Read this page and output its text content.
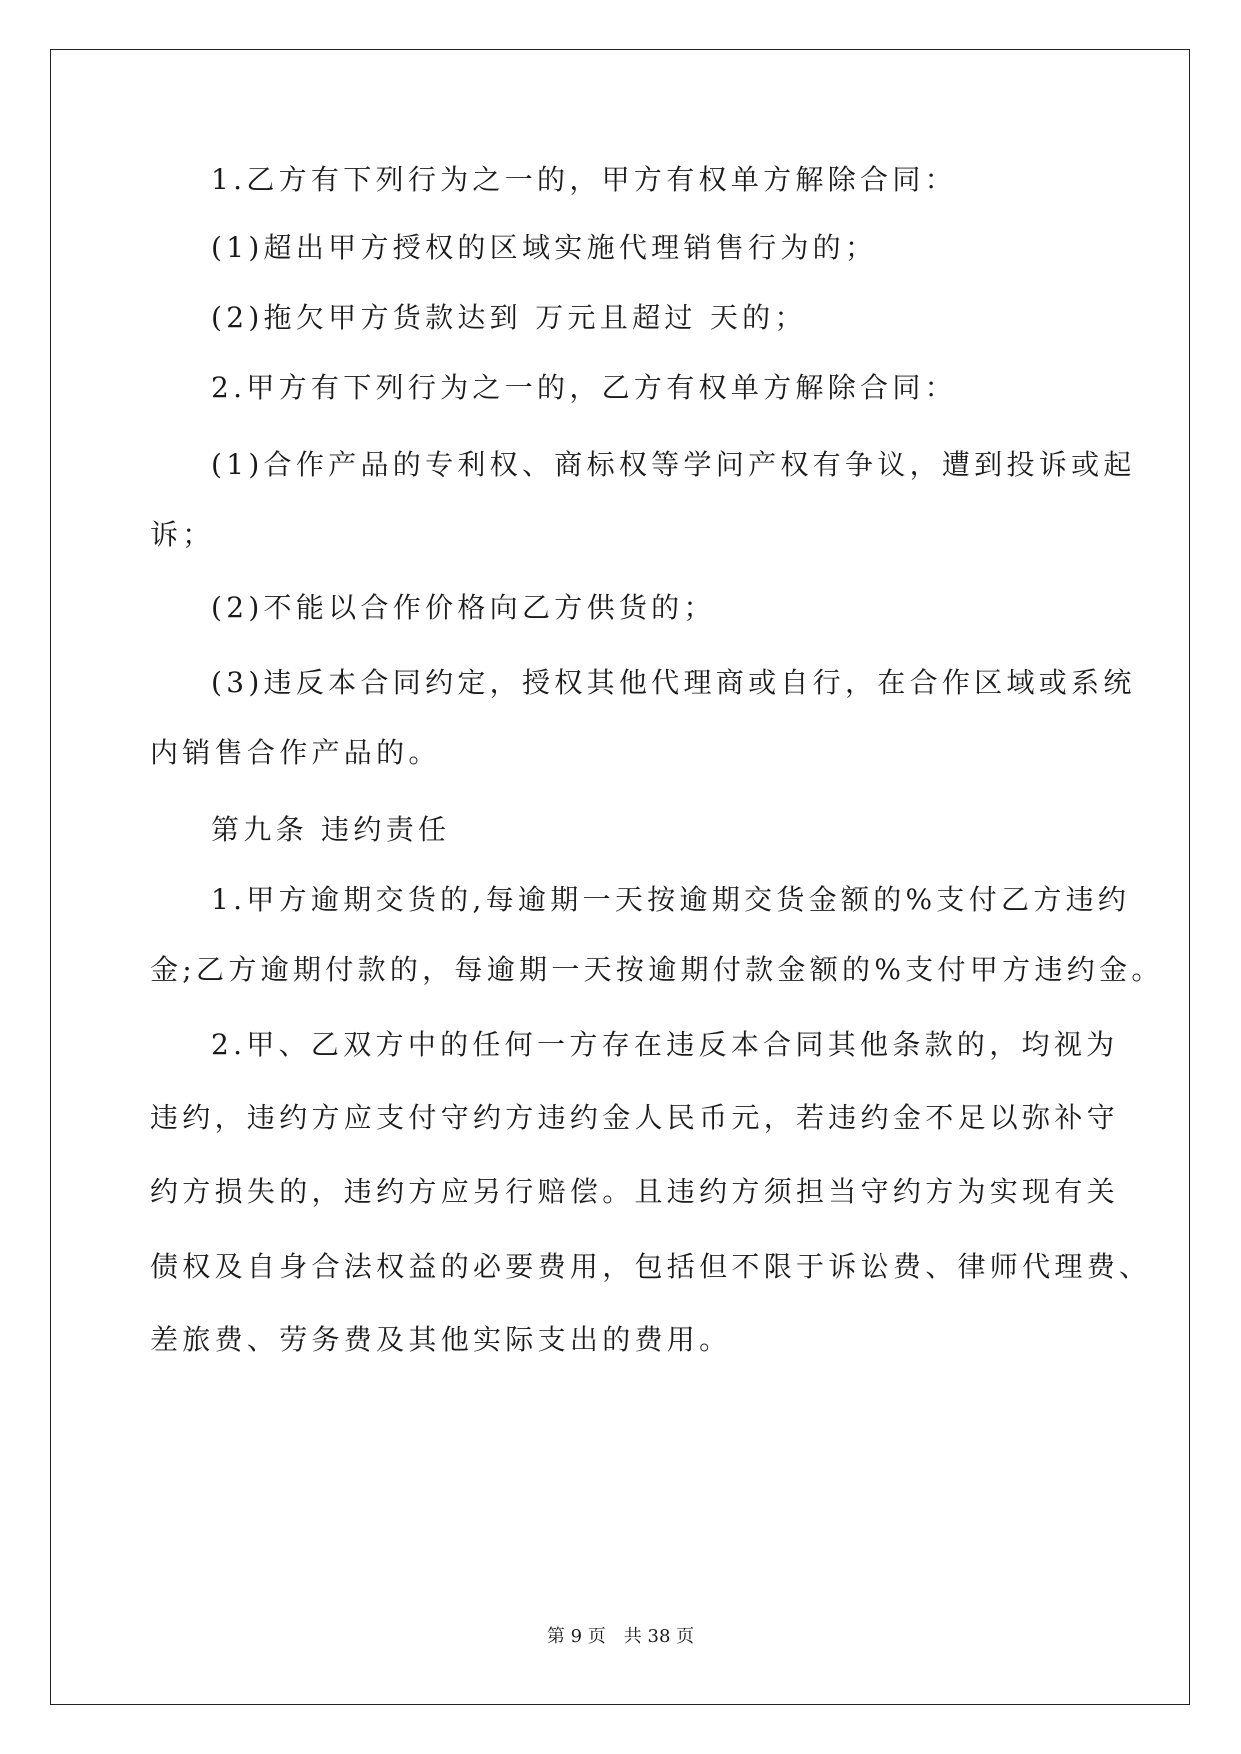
1.乙方有下列行为之一的，甲方有权单方解除合同：
(1)超出甲方授权的区域实施代理销售行为的；
(2)拖欠甲方货款达到 万元且超过 天的；
2.甲方有下列行为之一的，乙方有权单方解除合同：
(1)合作产品的专利权、商标权等学问产权有争议，遭到投诉或起
诉；
(2)不能以合作价格向乙方供货的；
(3)违反本合同约定，授权其他代理商或自行，在合作区域或系统
内销售合作产品的。
第九条 违约责任
1.甲方逾期交货的,每逾期一天按逾期交货金额的%支付乙方违约
金;乙方逾期付款的，每逾期一天按逾期付款金额的%支付甲方违约金。
2.甲、乙双方中的任何一方存在违反本合同其他条款的，均视为
违约，违约方应支付守约方违约金人民币元，若违约金不足以弥补守
约方损失的，违约方应另行赔偿。且违约方须担当守约方为实现有关
债权及自身合法权益的必要费用，包括但不限于诉讼费、律师代理费、
差旅费、劳务费及其他实际支出的费用。
第 9 页　共 38 页
